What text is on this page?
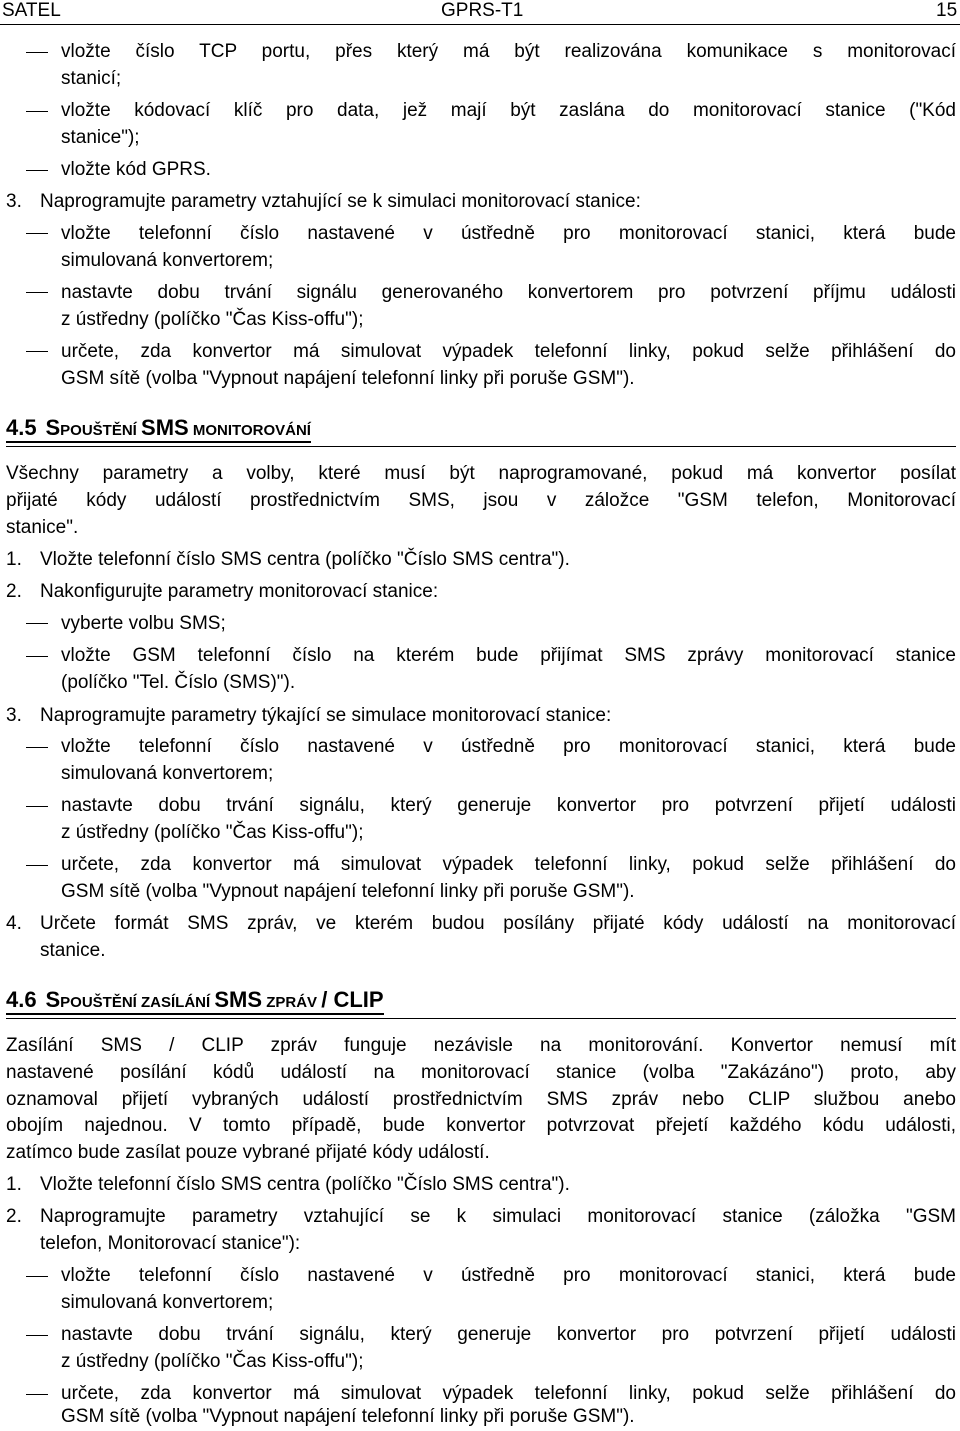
SATEL	GPRS-T1	15
vložte číslo TCP portu, přes který má být realizována komunikace s monitorovací
stanicí;
vložte kódovací klíč pro data, jež mají být zaslána do monitorovací stanice ("Kód
stanice");
vložte kód GPRS.
3. Naprogramujte parametry vztahující se k simulaci monitorovací stanice:
vložte telefonní číslo nastavené v ústředně pro monitorovací stanici, která bude
simulovaná konvertorem;
nastavte dobu trvání signálu generovaného konvertorem pro potvrzení příjmu události
z ústředny (políčko "Čas Kiss-offu");
určete, zda konvertor má simulovat výpadek telefonní linky, pokud selže přihlášení do
GSM sítě (volba "Vypnout napájení telefonní linky při poruše GSM").
4.5 SPOUŠTĚNÍ SMS MONITOROVÁNÍ
Všechny parametry a volby, které musí být naprogramované, pokud má konvertor posílat
přijaté kódy událostí prostřednictvím SMS, jsou v záložce "GSM telefon, Monitorovací
stanice".
1. Vložte telefonní číslo SMS centra (políčko "Číslo SMS centra").
2. Nakonfigurujte parametry monitorovací stanice:
vyberte volbu SMS;
vložte GSM telefonní číslo na kterém bude přijímat SMS zprávy monitorovací stanice
(políčko "Tel. Číslo (SMS)").
3. Naprogramujte parametry týkající se simulace monitorovací stanice:
vložte telefonní číslo nastavené v ústředně pro monitorovací stanici, která bude
simulovaná konvertorem;
nastavte dobu trvání signálu, který generuje konvertor pro potvrzení přijetí události
z ústředny (políčko "Čas Kiss-offu");
určete, zda konvertor má simulovat výpadek telefonní linky, pokud selže přihlášení do
GSM sítě (volba "Vypnout napájení telefonní linky při poruše GSM").
4. Určete formát SMS zpráv, ve kterém budou posílány přijaté kódy událostí na monitorovací
stanice.
4.6 SPOUŠTĚNÍ ZASÍLÁNÍ SMS ZPRÁV / CLIP
Zasílání SMS / CLIP zpráv funguje nezávisle na monitorování. Konvertor nemusí mít
nastavené posílání kódů událostí na monitorovací stanice (volba "Zakázáno") proto, aby
oznamoval přijetí vybraných událostí prostřednictvím SMS zpráv nebo CLIP službou anebo
obojím najednou. V tomto případě, bude konvertor potvrzovat přejetí každého kódu události,
zatímco bude zasílat pouze vybrané přijaté kódy událostí.
1. Vložte telefonní číslo SMS centra (políčko "Číslo SMS centra").
2. Naprogramujte parametry vztahující se k simulaci monitorovací stanice (záložka "GSM
telefon, Monitorovací stanice"):
vložte telefonní číslo nastavené v ústředně pro monitorovací stanici, která bude
simulovaná konvertorem;
nastavte dobu trvání signálu, který generuje konvertor pro potvrzení přijetí události
z ústředny (políčko "Čas Kiss-offu");
určete, zda konvertor má simulovat výpadek telefonní linky, pokud selže přihlášení do
GSM sítě (volba "Vypnout napájení telefonní linky při poruše GSM").
